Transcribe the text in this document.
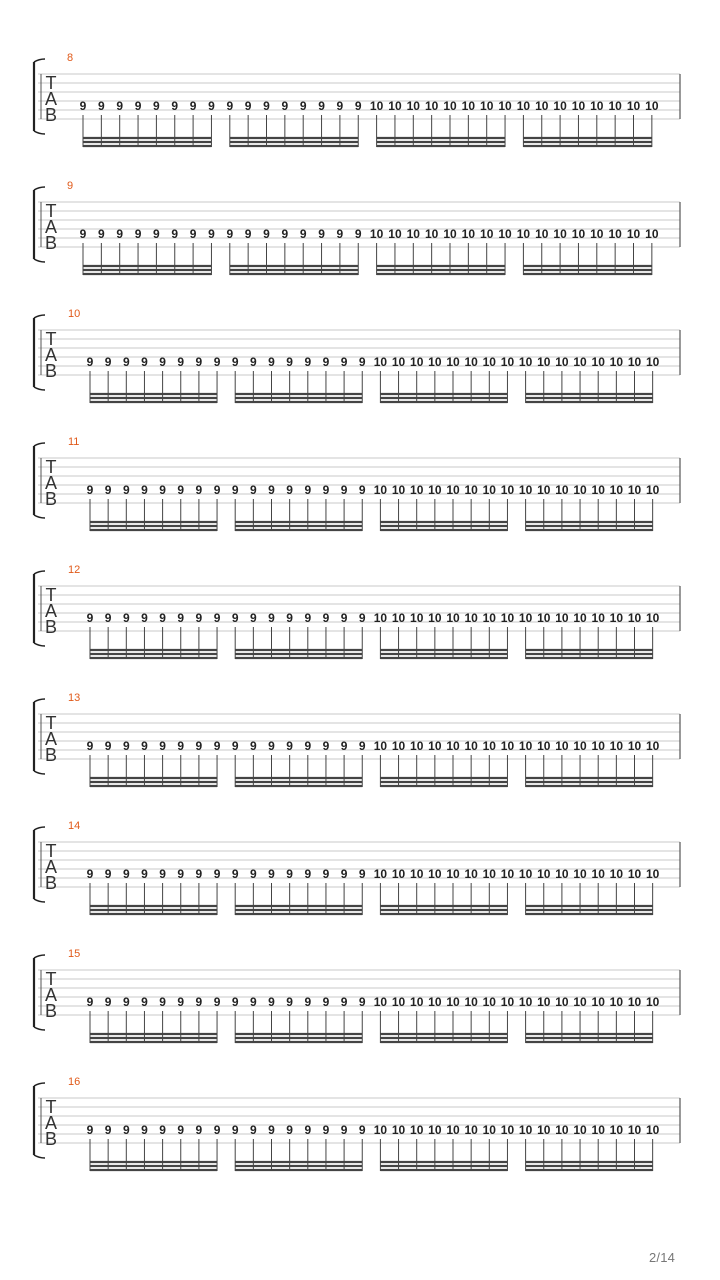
8
T
A
B 9 9 9 9 9 9 9 9 9 9 9 9 9 9 9 9 10 10 10 10 10 10 10 10 10 10 10 10 10 10 10 10
9
T
A
B 9 9 9 9 9 9 9 9 9 9 9 9 9 9 9 9 10 10 10 10 10 10 10 10 10 10 10 10 10 10 10 10
10
T
A
B 9 9 9 9 9 9 9 9 9 9 9 9 9 9 9 9 10 10 10 10 10 10 10 10 10 10 10 10 10 10 10 10
11
T
A
B 9 9 9 9 9 9 9 9 9 9 9 9 9 9 9 9 10 10 10 10 10 10 10 10 10 10 10 10 10 10 10 10
12
T
A
B 9 9 9 9 9 9 9 9 9 9 9 9 9 9 9 9 10 10 10 10 10 10 10 10 10 10 10 10 10 10 10 10
13
T
A
B 9 9 9 9 9 9 9 9 9 9 9 9 9 9 9 9 10 10 10 10 10 10 10 10 10 10 10 10 10 10 10 10
14
T
A
B 9 9 9 9 9 9 9 9 9 9 9 9 9 9 9 9 10 10 10 10 10 10 10 10 10 10 10 10 10 10 10 10
15
T
A
B 9 9 9 9 9 9 9 9 9 9 9 9 9 9 9 9 10 10 10 10 10 10 10 10 10 10 10 10 10 10 10 10
16
T
A
B 9 9 9 9 9 9 9 9 9 9 9 9 9 9 9 9 10 10 10 10 10 10 10 10 10 10 10 10 10 10 10 10
2/14
